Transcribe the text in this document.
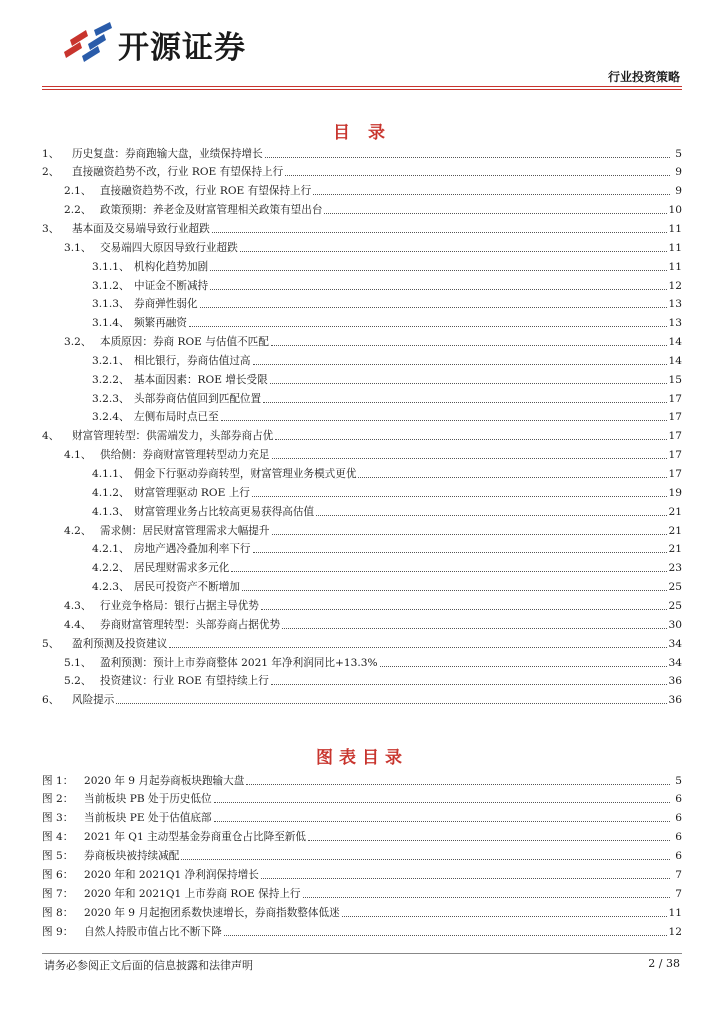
开源证券
行业投资策略
目 录
1、	历史复盘：券商跑输大盘，业绩保持增长	5
2、	直接融资趋势不改，行业 ROE 有望保持上行	9
2.1、 直接融资趋势不改，行业 ROE 有望保持上行	9
2.2、 政策预期：养老金及财富管理相关政策有望出台	10
3、	基本面及交易端导致行业超跌	11
3.1、 交易端四大原因导致行业超跌	11
3.1.1、 机构化趋势加剧	11
3.1.2、 中证金不断减持	12
3.1.3、 券商弹性弱化	13
3.1.4、 频繁再融资	13
3.2、 本质原因：券商 ROE 与估值不匹配	14
3.2.1、 相比银行，券商估值过高	14
3.2.2、 基本面因素：ROE 增长受限	15
3.2.3、 头部券商估值回到匹配位置	17
3.2.4、 左侧布局时点已至	17
4、	财富管理转型：供需端发力，头部券商占优	17
4.1、 供给侧：券商财富管理转型动力充足	17
4.1.1、 佣金下行驱动券商转型，财富管理业务模式更优	17
4.1.2、 财富管理驱动 ROE 上行	19
4.1.3、 财富管理业务占比较高更易获得高估值	21
4.2、 需求侧：居民财富管理需求大幅提升	21
4.2.1、 房地产遇冷叠加利率下行	21
4.2.2、 居民理财需求多元化	23
4.2.3、 居民可投资产不断增加	25
4.3、 行业竞争格局：银行占据主导优势	25
4.4、 券商财富管理转型：头部券商占据优势	30
5、	盈利预测及投资建议	34
5.1、 盈利预测：预计上市券商整体 2021 年净利润同比+13.3%	34
5.2、 投资建议：行业 ROE 有望持续上行	36
6、	风险提示	36
图表目录
图 1：	2020 年 9 月起券商板块跑输大盘	5
图 2：	当前板块 PB 处于历史低位	6
图 3：	当前板块 PE 处于估值底部	6
图 4：	2021 年 Q1 主动型基金券商重仓占比降至新低	6
图 5：	券商板块被持续减配	6
图 6：	2020 年和 2021Q1 净利润保持增长	7
图 7：	2020 年和 2021Q1 上市券商 ROE 保持上行	7
图 8：	2020 年 9 月起抱团系数快速增长，券商指数整体低迷	11
图 9：	自然人持股市值占比不断下降	12
请务必参阅正文后面的信息披露和法律声明	2 / 38
